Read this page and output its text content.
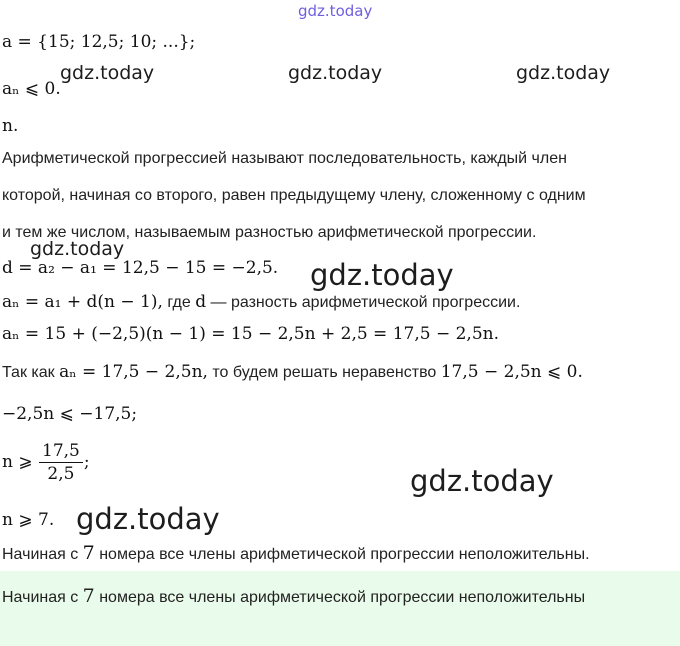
a = {15; 12,5; 10; ...};
aₙ ⩽ 0.
n.
Арифметической прогрессией называют последовательность, каждый член
которой, начиная со второго, равен предыдущему члену, сложенному с одним
и тем же числом, называемым разностью арифметической прогрессии.
d = a₂ − a₁ = 12,5 − 15 = −2,5.
aₙ = a₁ + d(n − 1), где d — разность арифметической прогрессии.
aₙ = 15 + (−2,5)(n − 1) = 15 − 2,5n + 2,5 = 17,5 − 2,5n.
Так как aₙ = 17,5 − 2,5n, то будем решать неравенство 17,5 − 2,5n ⩽ 0.
−2,5n ⩽ −17,5;
n ⩾ $\frac{17,5}{2,5}$ ;
n ⩾ 7.
Начиная с 7 номера все члены арифметической прогрессии неположительны.
Начиная с 7 номера все члены арифметической прогрессии неположительны
gdz.today
gdz.today	gdz.today	gdz.today
gdz.today
gdz.today
gdz.today
gdz.today
